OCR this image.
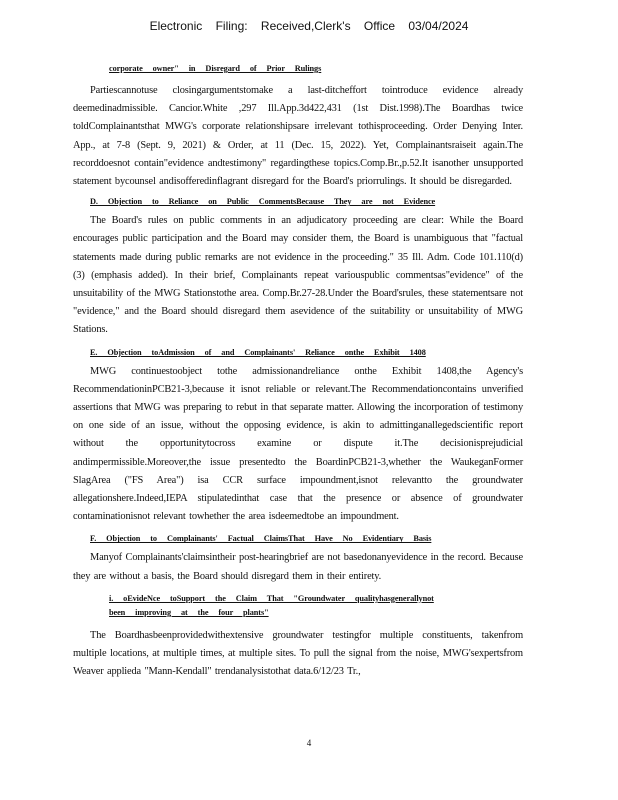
Electronic Filing: Received,Clerk's Office 03/04/2024
corporate owner" in Disregard of Prior Rulings

Partiescannotuse closingargumentstomake a last-ditcheffort tointroduce evidence already deemedinadmissible. Cancior.White ,297 Ill.App.3d422,431 (1st Dist.1998).The Boardhas twice toldComplainantsthat MWG's corporate relationshipsare irrelevant tothisproceeding. Order Denying Inter. App., at 7-8 (Sept. 9, 2021) & Order, at 11 (Dec. 15, 2022). Yet, Complainantsraiseit again.The recorddoesnot contain"evidence andtestimony" regardingthese topics.Comp.Br.,p.52.It isanother unsupported statement bycounsel andisofferedinflagrant disregard for the Board's priorrulings. It should be disregarded.

D. Objection to Reliance on Public CommentsBecause They are not Evidence

The Board's rules on public comments in an adjudicatory proceeding are clear: While the Board encourages public participation and the Board may consider them, the Board is unambiguous that "factual statements made during public remarks are not evidence in the proceeding." 35 Ill. Adm. Code 101.110(d)(3) (emphasis added). In their brief, Complainants repeat variouspublic commentsas"evidence" of the unsuitability of the MWG Stationstothe area. Comp.Br.27-28.Under the Board'srules, these statementsare not "evidence," and the Board should disregard them asevidence of the suitability or unsuitability of MWG Stations.

E. Objection toAdmission of and Complainants' Reliance onthe Exhibit 1408

MWG continuestoobject tothe admissionandreliance onthe Exhibit 1408,the Agency's RecommendationinPCB21-3,because it isnot reliable or relevant.The Recommendationcontains unverified assertions that MWG was preparing to rebut in that separate matter. Allowing the incorporation of testimony on one side of an issue, without the opposing evidence, is akin to admittinganallegedscientific report without the opportunitytocross examine or dispute it.The decisionisprejudicial andimpermissible.Moreover,the issue presentedto the BoardinPCB21-3,whether the WaukeganFormer SlagArea ("FS Area") isa CCR surface impoundment,isnot relevantto the groundwater allegationshere.Indeed,IEPA stipulatedinthat case that the presence or absence of groundwater contaminationisnot relevant towhether the area isdeemedtobe an impoundment.

F. Objection to Complainants' Factual ClaimsThat Have No Evidentiary Basis

Manyof Complainants'claimsintheir post-hearingbrief are not basedonanyevidence in the record. Because they are without a basis, the Board should disregard them in their entirety.

i. oEvideNce toSupport the Claim That "Groundwater qualityhasgenerallynot been improving at the four plants"

The Boardhasbeenprovidedwithextensive groundwater testingfor multiple constituents, takenfrom multiple locations, at multiple times, at multiple sites. To pull the signal from the noise, MWG'sexpertsfrom Weaver applieda "Mann-Kendall" trendanalysistothat data.6/12/23 Tr.,

4
